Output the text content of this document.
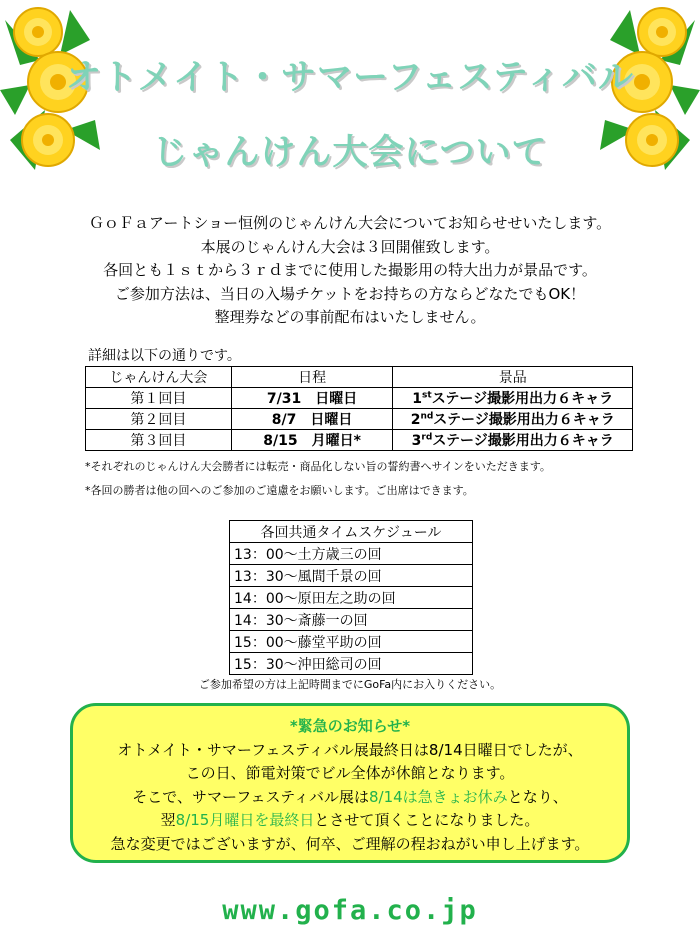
オトメイト・サマーフェスティバル
じゃんけん大会について
ＧｏＦａアートショー恒例のじゃんけん大会についてお知らせせいたします。
本展のじゃんけん大会は３回開催致します。
各回とも１ｓｔから３ｒｄまでに使用した撮影用の特大出力が景品です。
ご参加方法は、当日の入場チケットをお持ちの方ならどなたでもOK！
整理券などの事前配布はいたしません。
詳細は以下の通りです。
じゃんけん大会	日程	景品
第１回目	7/31　日曜日	1stステージ撮影用出力６キャラ
第２回目	8/7　日曜日	2ndステージ撮影用出力６キャラ
第３回目	8/15　月曜日*	3rdステージ撮影用出力６キャラ
*それぞれのじゃんけん大会勝者には転売・商品化しない旨の誓約書へサインをいただきます。
*各回の勝者は他の回へのご参加のご遠慮をお願いします。ご出席はできます。
各回共通タイムスケジュール
13：00～土方歳三の回
13：30～風間千景の回
14：00～原田左之助の回
14：30～斎藤一の回
15：00～藤堂平助の回
15：30～沖田総司の回
ご参加希望の方は上記時間までにGoFa内にお入りください。
*緊急のお知らせ*
オトメイト・サマーフェスティバル展最終日は8/14日曜日でしたが、
この日、節電対策でビル全体が休館となります。
そこで、サマーフェスティバル展は8/14は急きょお休みとなり、
翌8/15月曜日を最終日とさせて頂くことになりました。
急な変更ではございますが、何卒、ご理解の程おねがい申し上げます。
www.gofa.co.jp
